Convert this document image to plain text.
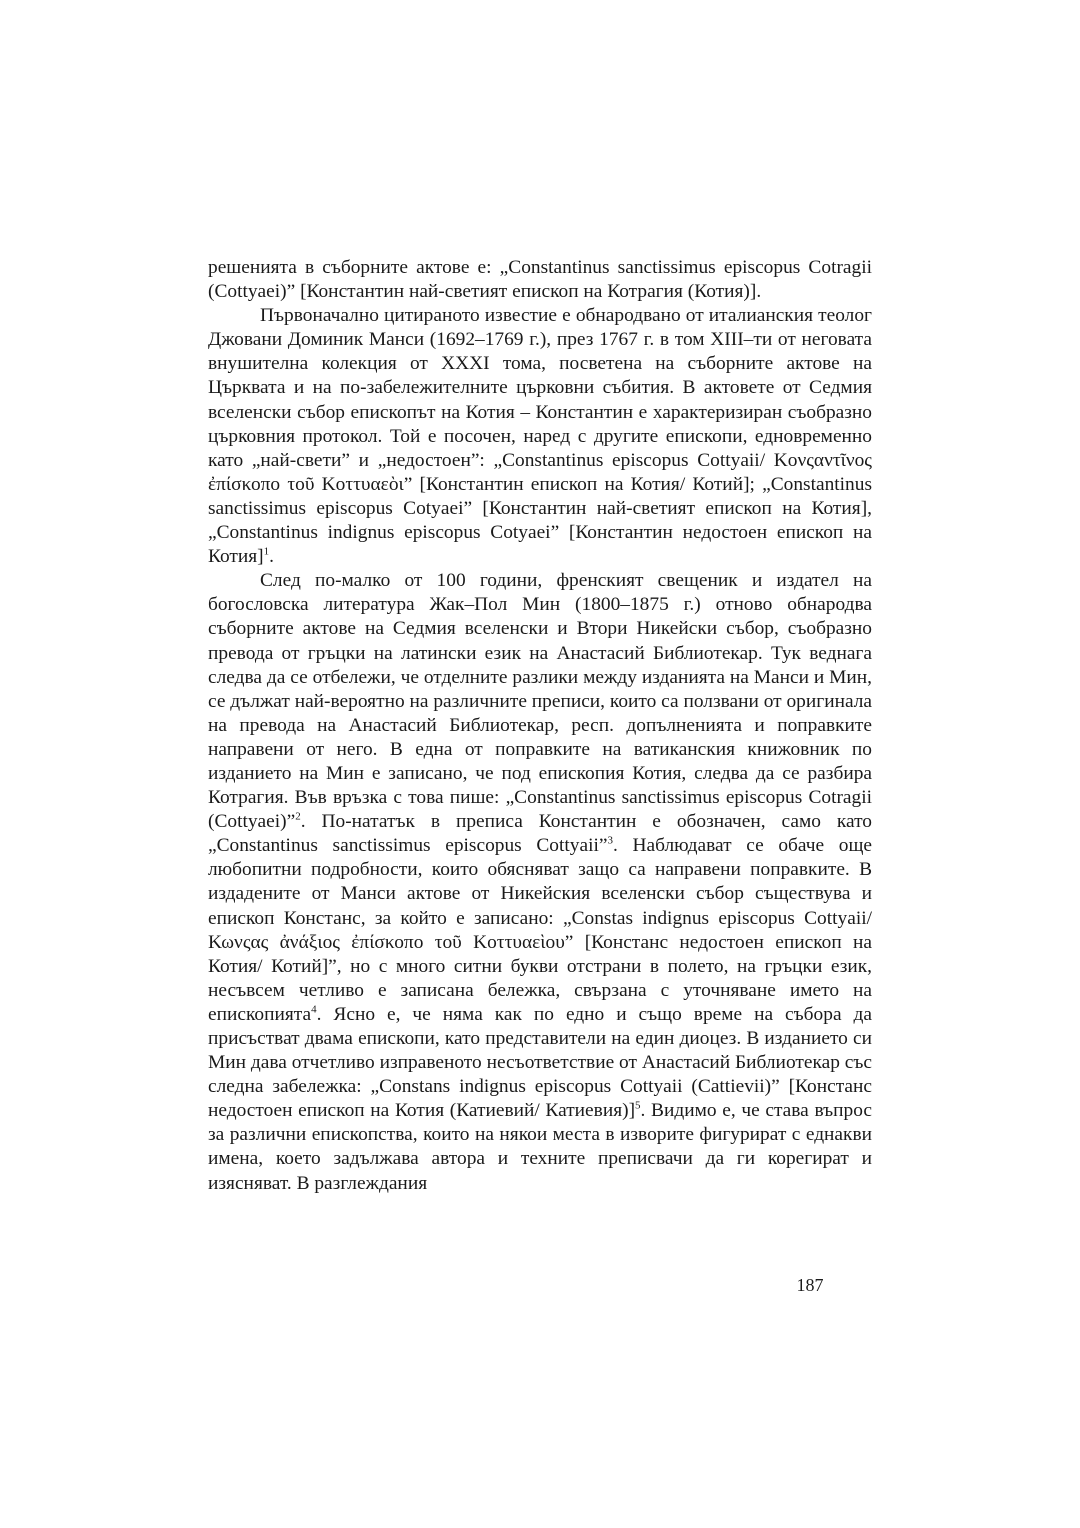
решенията в съборните актове е: „Constantinus sanctissimus episcopus Cotragii (Cottyaei)” [Константин най-светият епископ на Котрагия (Котия)].

Първоначално цитираното известие е обнародвано от италианския теолог Джовани Доминик Манси (1692–1769 г.), през 1767 г. в том XIII–ти от неговата внушителна колекция от XXXI тома, посветена на съборните актове на Църквата и на по-забележителните църковни събития. В актовете от Седмия вселенски събор епископът на Котия – Константин е характеризиран съобразно църковния протокол. Той е посочен, наред с другите епископи, едновременно като „най-свети” и „недостоен”: „Constantinus episcopus Cottyaii/ Κονςαντῖνος ἐπίσκοπο τοῦ Κοττυαεὸι” [Константин епископ на Котия/ Котий]; „Constantinus sanctissimus episcopus Cotyaei” [Константин най-светият епископ на Котия], „Constantinus indignus episcopus Cotyaei” [Константин недостоен епископ на Котия]$^1$.

След по-малко от 100 години, френският свещеник и издател на богословска литература Жак–Пол Мин (1800–1875 г.) отново обнародва съборните актове на Седмия вселенски и Втори Никейски събор, съобразно превода от гръцки на латински език на Анастасий Библиотекар. Тук веднага следва да се отбележи, че отделните разлики между изданията на Манси и Мин, се дължат най-вероятно на различните преписи, които са ползвани от оригинала на превода на Анастасий Библиотекар, респ. допълненията и поправките направени от него. В една от поправките на ватиканския книжовник по изданието на Мин е записано, че под епископия Котия, следва да се разбира Котрагия. Във връзка с това пише: „Constantinus sanctissimus episcopus Cotragii (Cottyaei)”$^2$. По-нататък в преписа Константин е обозначен, само като „Constantinus sanctissimus episcopus Cottyaii”$^3$. Наблюдават се обаче още любопитни подробности, които обясняват защо са направени поправките. В издадените от Манси актове от Никейския вселенски събор съществува и епископ Констанс, за който е записано: „Constas indignus episcopus Cottyaii/ Κωνςας ἀνάξιος ἐπίσκοπο τοῦ Κοττυαεὶου” [Констанс недостоен епископ на Котия/ Котий]”, но с много ситни букви отстрани в полето, на гръцки език, несъвсем четливо е записана бележка, свързана с уточняване името на епископията$^4$. Ясно е, че няма как по едно и също време на събора да присъстват двама епископи, като представители на един диоцез. В изданието си Мин дава отчетливо изправеното несъответствие от Анастасий Библиотекар със следна забележка: „Constans indignus episcopus Cottyaii (Cattievii)” [Констанс недостоен епископ на Котия (Катиевий/ Катиевия)]$^5$. Видимо е, че става въпрос за различни епископства, които на някои места в изворите фигурират с еднакви имена, което задължава автора и техните преписвачи да ги корегират и изясняват. В разглеждания

187
